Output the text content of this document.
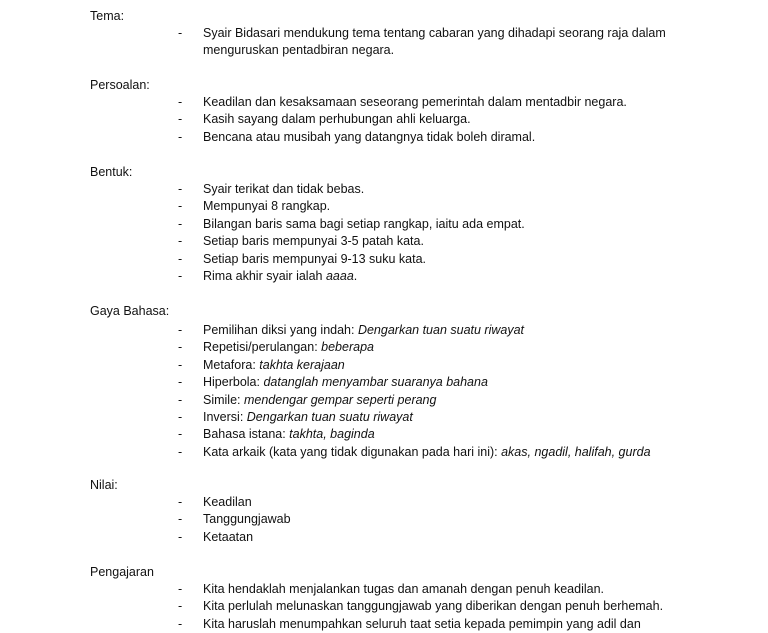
Tema:

- Syair Bidasari mendukung tema tentang cabaran yang dihadapi seorang raja dalam
menguruskan pentadbiran negara.

Persoalan:

- Keadilan dan kesaksamaan seseorang pemerintah dalam mentadbir negara.
- Kasih sayang dalam perhubungan ahli keluarga.
- Bencana atau musibah yang datangnya tidak boleh diramal.

Bentuk:

- Syair terikat dan tidak bebas.
- Mempunyai 8 rangkap.
- Bilangan baris sama bagi setiap rangkap, iaitu ada empat.
- Setiap baris mempunyai 3-5 patah kata.
- Setiap baris mempunyai 9-13 suku kata.
- Rima akhir syair ialah aaaa.

Gaya Bahasa:

- Pemilihan diksi yang indah: Dengarkan tuan suatu riwayat
- Repetisi/perulangan: beberapa
- Metafora: takhta kerajaan
- Hiperbola: datanglah menyambar suaranya bahana
- Simile: mendengar gempar seperti perang
- Inversi: Dengarkan tuan suatu riwayat
- Bahasa istana: takhta, baginda
- Kata arkaik (kata yang tidak digunakan pada hari ini): akas, ngadil, halifah, gurda

Nilai:

- Keadilan
- Tanggungjawab
- Ketaatan

Pengajaran

- Kita hendaklah menjalankan tugas dan amanah dengan penuh keadilan.
- Kita perlulah melunaskan tanggungjawab yang diberikan dengan penuh berhemah.
- Kita haruslah menumpahkan seluruh taat setia kepada pemimpin yang adil dan
